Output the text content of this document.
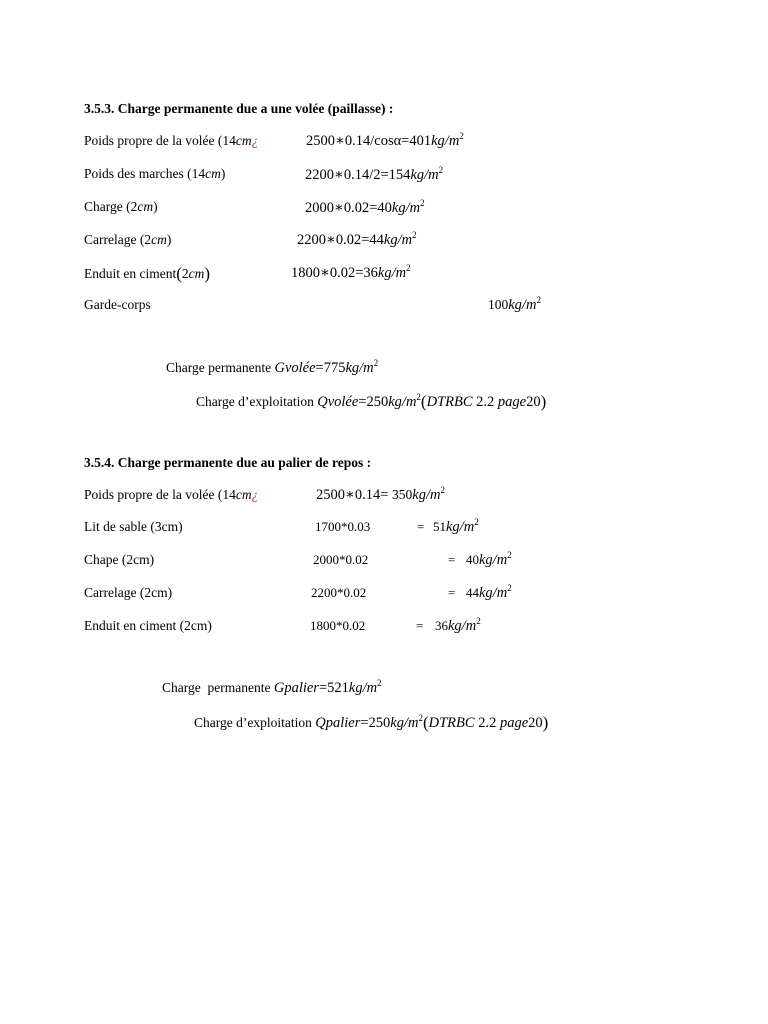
3.5.3. Charge permanente due a une volée (paillasse) :
Poids propre de la volée (14cm¿	$2500∗0.14/\cos\alpha=401kg/m^2$
Poids des marches (14cm)	$2200∗0.14/2=154kg/m^2$
Charge (2cm)	$2000∗0.02=40kg/m^2$
Carrelage (2cm)	$2200∗0.02=44kg/m^2$
Enduit en ciment(2cm)	$1800∗0.02=36kg/m^2$
Garde-corps	$100kg/m^2$
Charge permanente $Gvolée=775kg/m^2$
Charge d’exploitation $Qvolée=250kg/m^2(DTRBC$ 2.2 page20)
3.5.4. Charge permanente due au palier de repos :
Poids propre de la volée (14cm¿	2500∗0.14= $350kg/m^2$
Lit de sable (3cm)	1700*0.03	= $51kg/m^2$
Chape (2cm)	2000*0.02	= $40kg/m^2$
Carrelage (2cm)	2200*0.02	= $44kg/m^2$
Enduit en ciment (2cm)	1800*0.02	= $36kg/m^2$
Charge  permanente $Gpalier=521kg/m^2$
Charge d’exploitation $Qpalier=250kg/m^2(DTRBC$ 2.2 page20)
